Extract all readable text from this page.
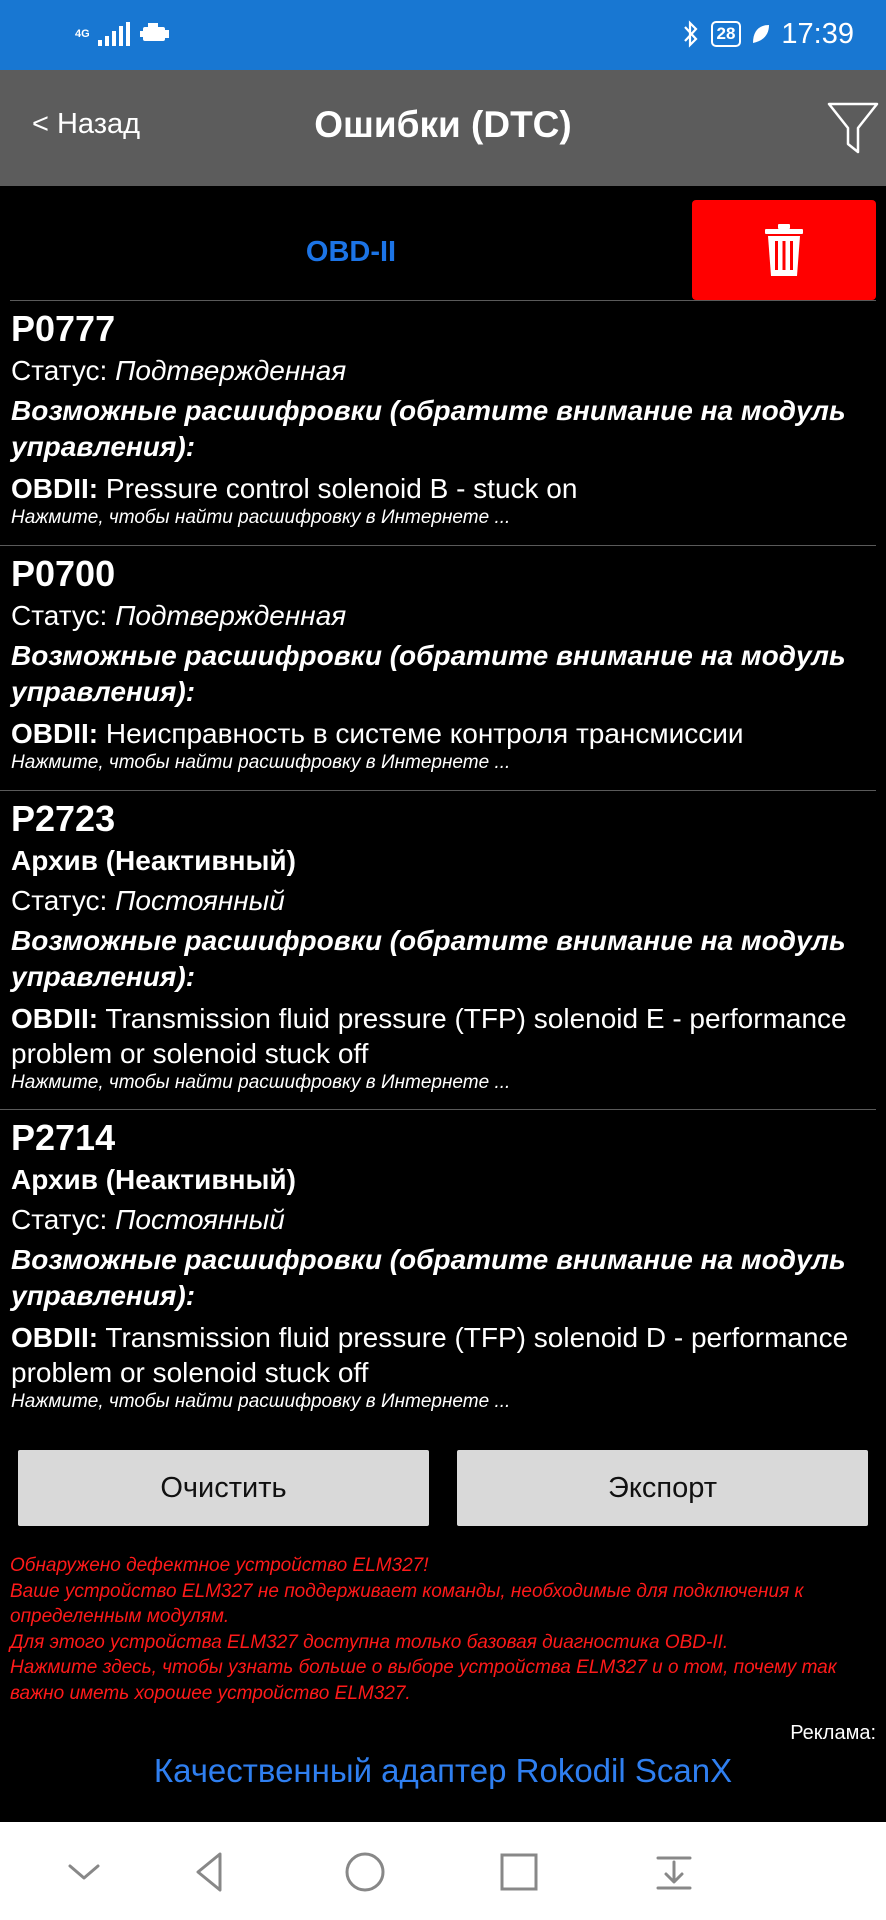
4G	28 17:39
< Назад	Ошибки (DTC)
OBD-II
P0777
Статус: Подтвержденная
Возможные расшифровки (обратите внимание на модуль управления):
OBDII: Pressure control solenoid B - stuck on
Нажмите, чтобы найти расшифровку в Интернете ...
P0700
Статус: Подтвержденная
Возможные расшифровки (обратите внимание на модуль управления):
OBDII: Неисправность в системе контроля трансмиссии
Нажмите, чтобы найти расшифровку в Интернете ...
P2723
Архив (Неактивный)
Статус: Постоянный
Возможные расшифровки (обратите внимание на модуль управления):
OBDII: Transmission fluid pressure (TFP) solenoid E - performance problem or solenoid stuck off
Нажмите, чтобы найти расшифровку в Интернете ...
P2714
Архив (Неактивный)
Статус: Постоянный
Возможные расшифровки (обратите внимание на модуль управления):
OBDII: Transmission fluid pressure (TFP) solenoid D - performance problem or solenoid stuck off
Нажмите, чтобы найти расшифровку в Интернете ...
Очистить	Экспорт
Обнаружено дефектное устройство ELM327!
Ваше устройство ELM327 не поддерживает команды, необходимые для подключения к определенным модулям.
Для этого устройства ELM327 доступна только базовая диагностика OBD-II.
Нажмите здесь, чтобы узнать больше о выборе устройства ELM327 и о том, почему так важно иметь хорошее устройство ELM327.
Реклама:
Качественный адаптер Rokodil ScanX
